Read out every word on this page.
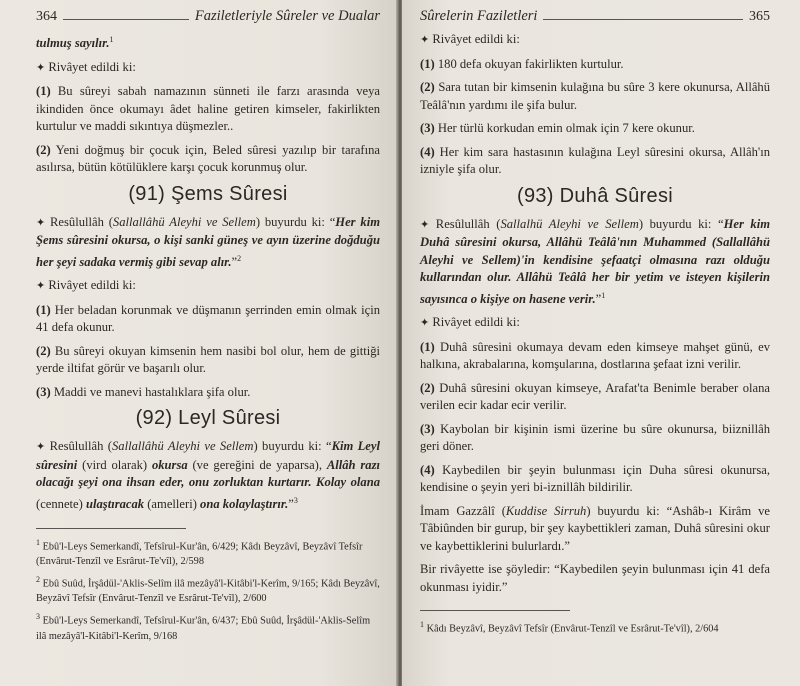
364	Faziletleriyle Sûreler ve Dualar

tulmuş sayılır.$^1$

✦ Rivâyet edildi ki:

(1) Bu sûreyi sabah namazının sünneti ile farzı arasında veya ikindiden önce okumayı âdet haline getiren kimseler, fakirlikten kurtulur ve maddi sıkıntıya düşmezler..

(2) Yeni doğmuş bir çocuk için, Beled sûresi yazılıp bir tarafına asılırsa, bütün kötülüklere karşı çocuk korunmuş olur.

(91) Şems Sûresi

✦ Resûlullâh (Sallallâhü Aleyhi ve Sellem) buyurdu ki: “Her kim Şems sûresini okursa, o kişi sanki güneş ve ayın üzerine doğduğu her şeyi sadaka vermiş gibi sevap alır.”$^2$

✦ Rivâyet edildi ki:

(1) Her beladan korunmak ve düşmanın şerrinden emin olmak için 41 defa okunur.

(2) Bu sûreyi okuyan kimsenin hem nasibi bol olur, hem de gittiği yerde iltifat görür ve başarılı olur.

(3) Maddi ve manevi hastalıklara şifa olur.

(92) Leyl Sûresi

✦ Resûlullâh (Sallallâhü Aleyhi ve Sellem) buyurdu ki: “Kim Leyl sûresini (vird olarak) okursa (ve gereğini de yaparsa), Allâh razı olacağı şeyi ona ihsan eder, onu zorluktan kurtarır. Kolay olana (cennete) ulaştıracak (amelleri) ona kolaylaştırır.”$^3$

$^1$ Ebû'l-Leys Semerkandî, Tefsîrul-Kur'ân, 6/429; Kâdı Beyzâvî, Beyzâvî Tefsîr (Envârut-Tenzîl ve Esrârut-Te'vîl), 2/598

$^2$ Ebû Suûd, İrşâdül-'Aklis-Selîm ilâ mezâyâ'l-Kitâbi'l-Kerîm, 9/165; Kâdı Beyzâvî, Beyzâvî Tefsîr (Envârut-Tenzîl ve Esrârut-Te'vîl), 2/600

$^3$ Ebû'l-Leys Semerkandî, Tefsîrul-Kur'ân, 6/437; Ebû Suûd, İrşâdül-'Aklis-Selîm ilâ mezâyâ'l-Kitâbi'l-Kerîm, 9/168

Sûrelerin Faziletleri	365

✦ Rivâyet edildi ki:

(1) 180 defa okuyan fakirlikten kurtulur.

(2) Sara tutan bir kimsenin kulağına bu sûre 3 kere okunursa, Allâhü Teâlâ'nın yardımı ile şifa bulur.

(3) Her türlü korkudan emin olmak için 7 kere okunur.

(4) Her kim sara hastasının kulağına Leyl sûresini okursa, Allâh'ın izniyle şifa olur.

(93) Duhâ Sûresi

✦ Resûlullâh (Sallalhü Aleyhi ve Sellem) buyurdu ki: “Her kim Duhâ sûresini okursa, Allâhü Teâlâ'nın Muhammed (Sallallâhü Aleyhi ve Sellem)'in kendisine şefaatçi olmasına razı olduğu kullarından olur. Allâhü Teâlâ her bir yetim ve isteyen kişilerin sayısınca o kişiye on hasene verir.”$^1$

✦ Rivâyet edildi ki:

(1) Duhâ sûresini okumaya devam eden kimseye mahşet günü, ev halkına, akrabalarına, komşularına, dostlarına şefaat izni verilir.

(2) Duhâ sûresini okuyan kimseye, Arafat'ta Benimle beraber olana verilen ecir kadar ecir verilir.

(3) Kaybolan bir kişinin ismi üzerine bu sûre okunursa, biiznillâh geri döner.

(4) Kaybedilen bir şeyin bulunması için Duha sûresi okunursa, kendisine o şeyin yeri bi-iznillâh bildirilir.

İmam Gazzâlî (Kuddise Sirruh) buyurdu ki: “Ashâb-ı Kirâm ve Tâbiûnden bir gurup, bir şey kaybettikleri zaman, Duhâ sûresini okur ve kaybettiklerini bulurlardı.”

Bir rivâyette ise şöyledir: “Kaybedilen şeyin bulunması için 41 defa okunması iyidir.”

$^1$ Kâdı Beyzâvî, Beyzâvî Tefsîr (Envârut-Tenzîl ve Esrârut-Te'vîl), 2/604
